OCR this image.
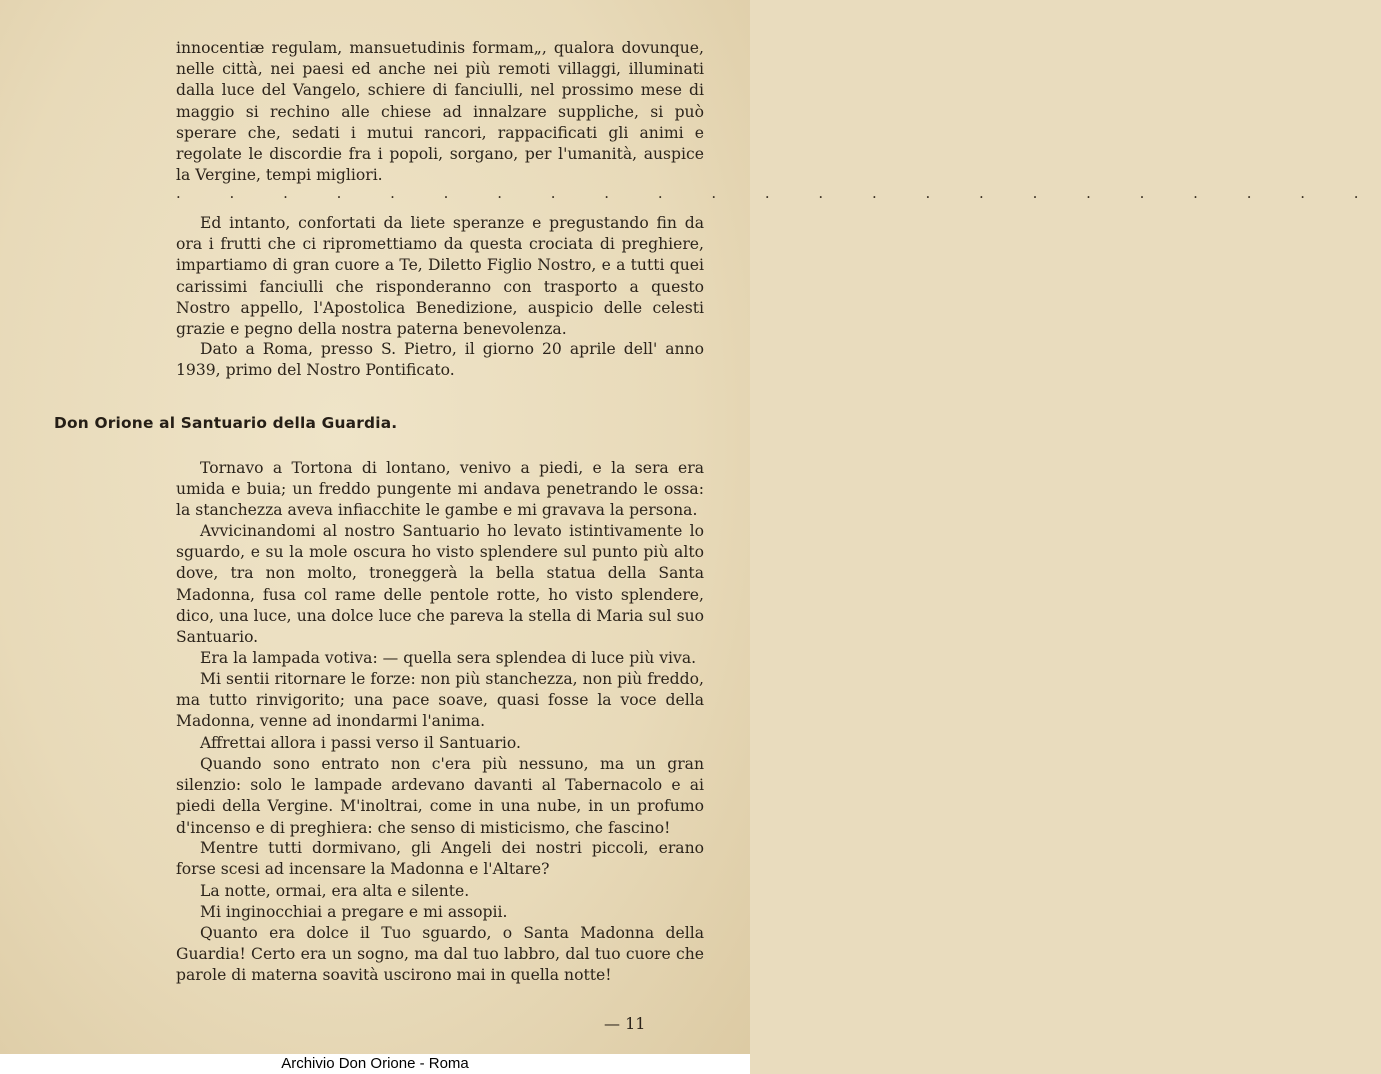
innocentiæ regulam, mansuetudinis formam„, qualora dovunque, nelle città, nei paesi ed anche nei più remoti villaggi, illuminati dalla luce del Vangelo, schiere di fanciulli, nel prossimo mese di maggio si rechino alle chiese ad innalzare suppliche, si può sperare che, sedati i mutui rancori, rappacificati gli animi e regolate le discordie fra i popoli, sorgano, per l'umanità, auspice la Vergine, tempi migliori.

· · · · · · · · · · · · · · · · · · · · · · ·

Ed intanto, confortati da liete speranze e pregustando fin da ora i frutti che ci ripromettiamo da questa crociata di preghiere, impartiamo di gran cuore a Te, Diletto Figlio Nostro, e a tutti quei carissimi fanciulli che risponderanno con trasporto a questo Nostro appello, l'Apostolica Benedizione, auspicio delle celesti grazie e pegno della nostra paterna benevolenza.

Dato a Roma, presso S. Pietro, il giorno 20 aprile dell' anno 1939, primo del Nostro Pontificato.

Don Orione al Santuario della Guardia.

Tornavo a Tortona di lontano, venivo a piedi, e la sera era umida e buia; un freddo pungente mi andava penetrando le ossa: la stanchezza aveva infiacchite le gambe e mi gravava la persona.

Avvicinandomi al nostro Santuario ho levato istintivamente lo sguardo, e su la mole oscura ho visto splendere sul punto più alto dove, tra non molto, troneggerà la bella statua della Santa Madonna, fusa col rame delle pentole rotte, ho visto splendere, dico, una luce, una dolce luce che pareva la stella di Maria sul suo Santuario.

Era la lampada votiva: — quella sera splendea di luce più viva.

Mi sentii ritornare le forze: non più stanchezza, non più freddo, ma tutto rinvigorito; una pace soave, quasi fosse la voce della Madonna, venne ad inondarmi l'anima.

Affrettai allora i passi verso il Santuario.

Quando sono entrato non c'era più nessuno, ma un gran silenzio: solo le lampade ardevano davanti al Tabernacolo e ai piedi della Vergine. M'inoltrai, come in una nube, in un profumo d'incenso e di preghiera: che senso di misticismo, che fascino!

Mentre tutti dormivano, gli Angeli dei nostri piccoli, erano forse scesi ad incensare la Madonna e l'Altare?

La notte, ormai, era alta e silente.

Mi inginocchiai a pregare e mi assopii.

Quanto era dolce il Tuo sguardo, o Santa Madonna della Guardia! Certo era un sogno, ma dal tuo labbro, dal tuo cuore che parole di materna soavità uscirono mai in quella notte!

— 11
Archivio Don Orione - Roma
